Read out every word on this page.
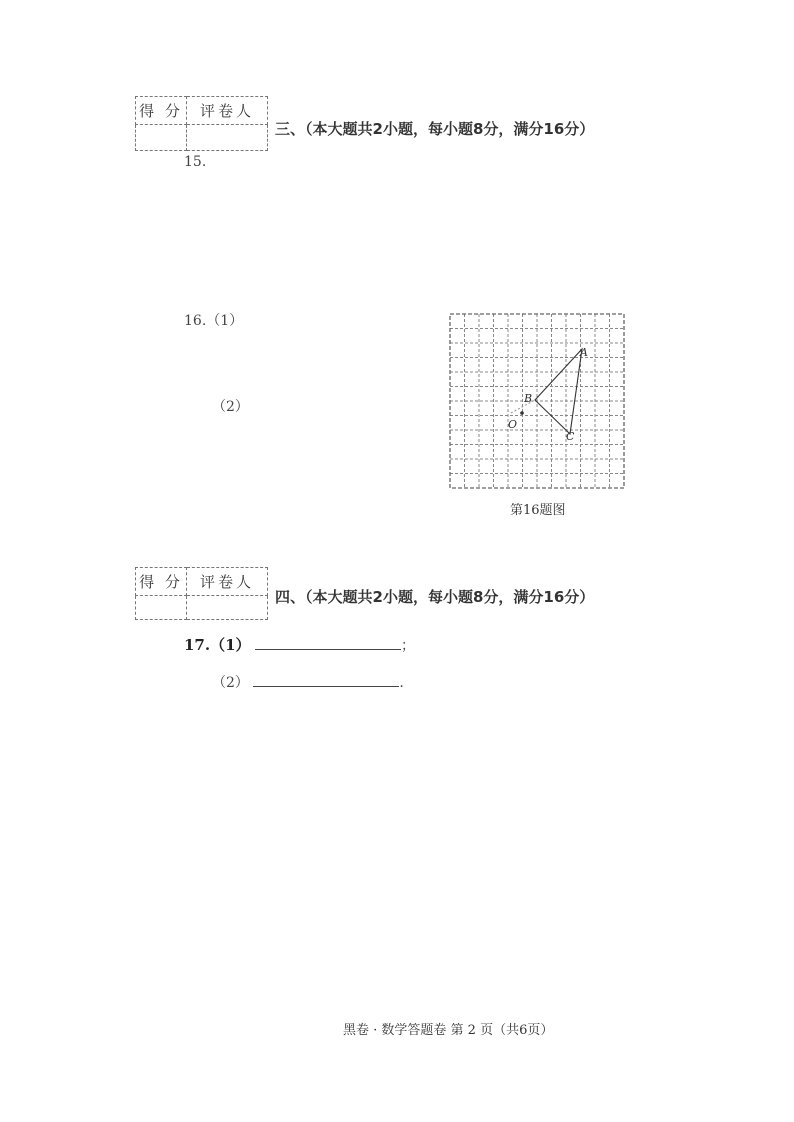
得 分	评卷人

三、（本大题共2小题，每小题8分，满分16分）
15.
16.（1）
（2）
A
B
C
O
第16题图
得 分	评卷人

四、（本大题共2小题，每小题8分，满分16分）
17.（1）	；
（2）	.
黑卷 · 数学答题卷 第 2 页（共6页）
